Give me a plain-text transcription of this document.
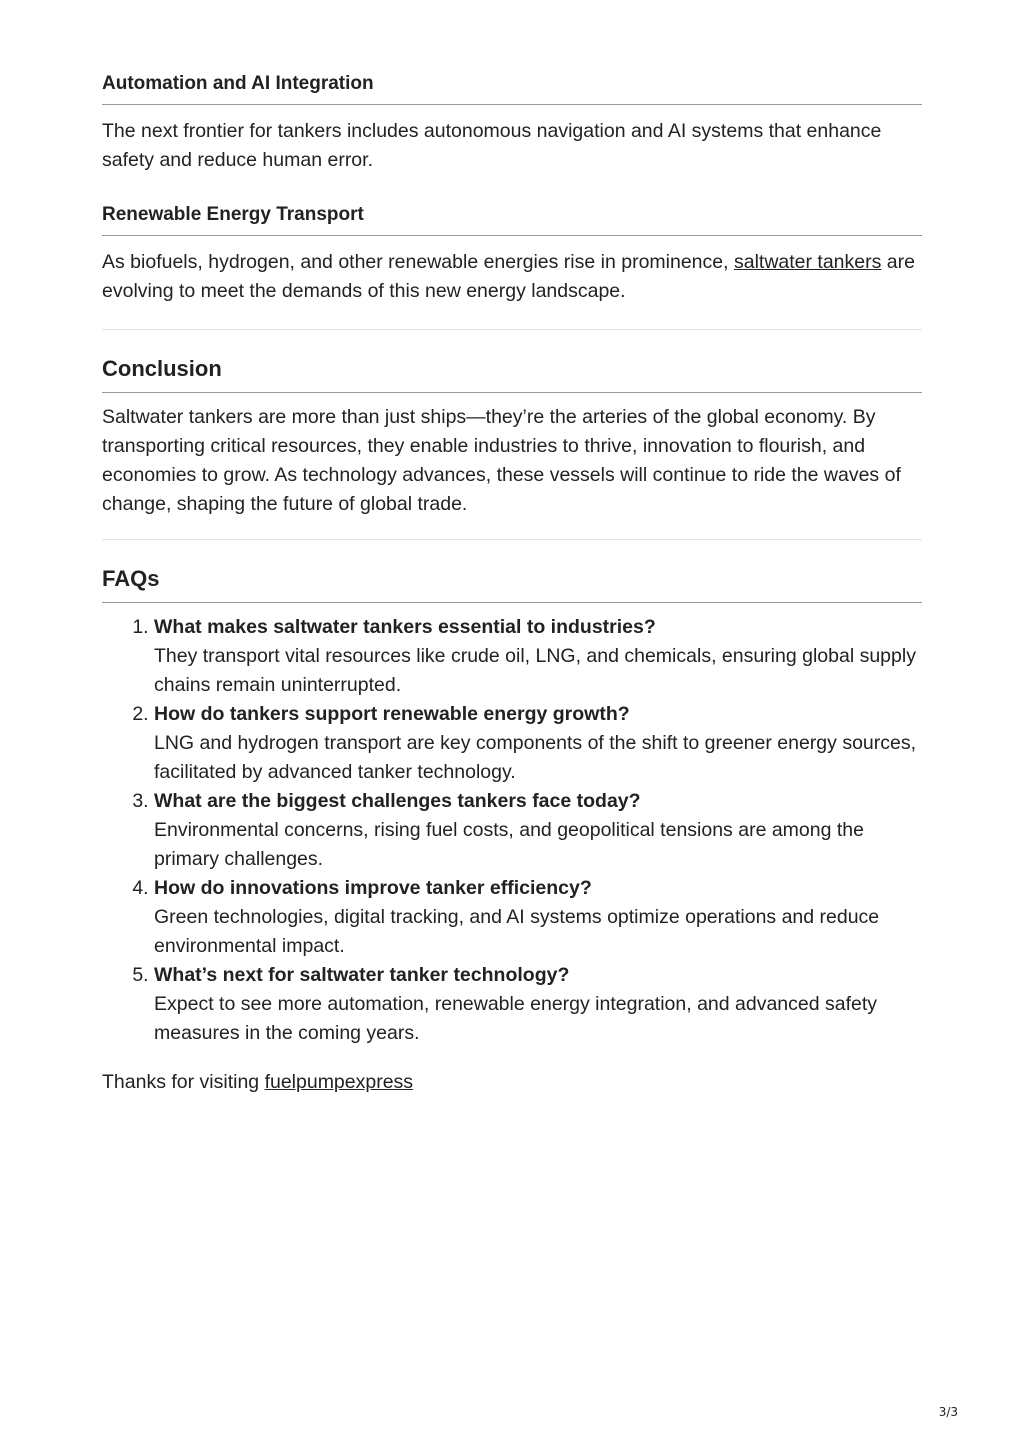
Automation and AI Integration

The next frontier for tankers includes autonomous navigation and AI systems that enhance safety and reduce human error.

Renewable Energy Transport

As biofuels, hydrogen, and other renewable energies rise in prominence, saltwater tankers are evolving to meet the demands of this new energy landscape.

Conclusion

Saltwater tankers are more than just ships—they’re the arteries of the global economy. By transporting critical resources, they enable industries to thrive, innovation to flourish, and economies to grow. As technology advances, these vessels will continue to ride the waves of change, shaping the future of global trade.

FAQs
1. What makes saltwater tankers essential to industries?
They transport vital resources like crude oil, LNG, and chemicals, ensuring global supply chains remain uninterrupted.
2. How do tankers support renewable energy growth?
LNG and hydrogen transport are key components of the shift to greener energy sources, facilitated by advanced tanker technology.
3. What are the biggest challenges tankers face today?
Environmental concerns, rising fuel costs, and geopolitical tensions are among the primary challenges.
4. How do innovations improve tanker efficiency?
Green technologies, digital tracking, and AI systems optimize operations and reduce environmental impact.
5. What’s next for saltwater tanker technology?
Expect to see more automation, renewable energy integration, and advanced safety measures in the coming years.

Thanks for visiting fuelpumpexpress

3/3
